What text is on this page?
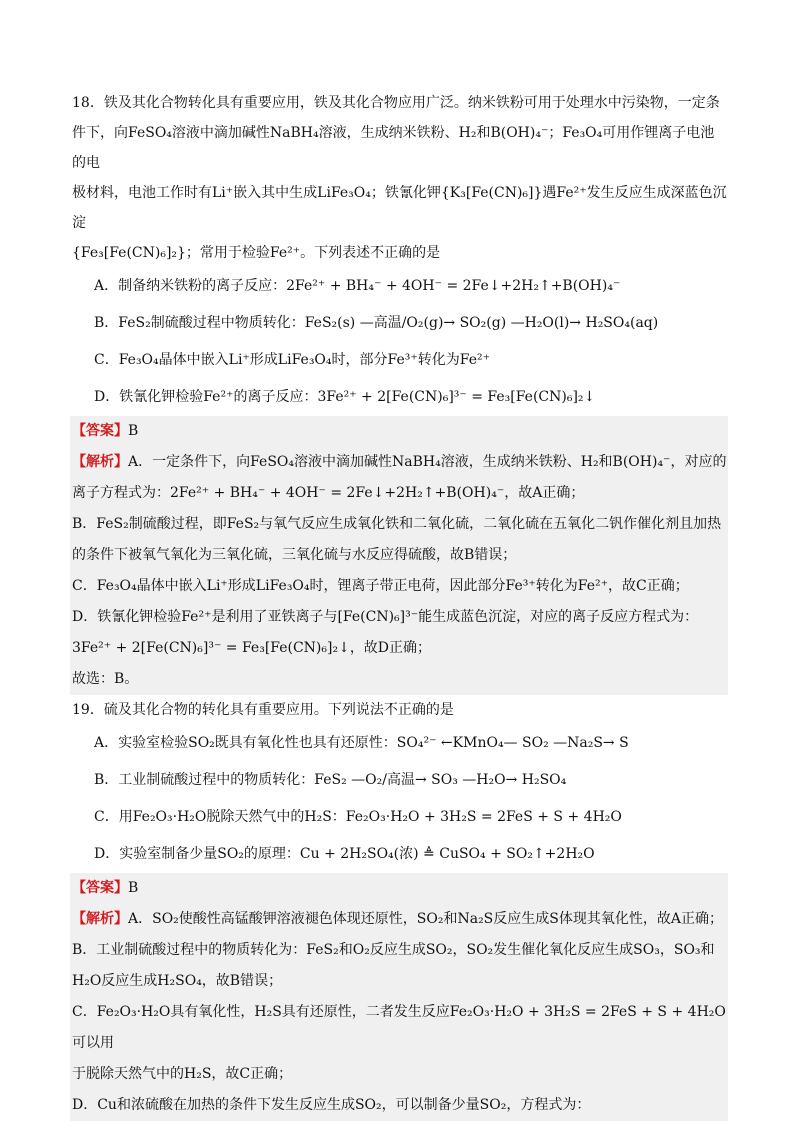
18．铁及其化合物转化具有重要应用，铁及其化合物应用广泛。纳米铁粉可用于处理水中污染物，一定条

件下，向FeSO₄溶液中滴加碱性NaBH₄溶液，生成纳米铁粉、H₂和B(OH)₄⁻；Fe₃O₄可用作锂离子电池的电

极材料，电池工作时有Li⁺嵌入其中生成LiFe₃O₄；铁氰化钾{K₃[Fe(CN)₆]}遇Fe²⁺发生反应生成深蓝色沉淀

{Fe₃[Fe(CN)₆]₂}；常用于检验Fe²⁺。下列表述不正确的是

A．制备纳米铁粉的离子反应：2Fe²⁺ + BH₄⁻ + 4OH⁻ = 2Fe↓+2H₂↑+B(OH)₄⁻

B．FeS₂制硫酸过程中物质转化：FeS₂(s) —高温/O₂(g)→ SO₂(g) —H₂O(l)→ H₂SO₄(aq)

C．Fe₃O₄晶体中嵌入Li⁺形成LiFe₃O₄时，部分Fe³⁺转化为Fe²⁺

D．铁氰化钾检验Fe²⁺的离子反应：3Fe²⁺ + 2[Fe(CN)₆]³⁻ = Fe₃[Fe(CN)₆]₂↓

【答案】B

【解析】A．一定条件下，向FeSO₄溶液中滴加碱性NaBH₄溶液，生成纳米铁粉、H₂和B(OH)₄⁻，对应的

离子方程式为：2Fe²⁺ + BH₄⁻ + 4OH⁻ = 2Fe↓+2H₂↑+B(OH)₄⁻，故A正确；

B．FeS₂制硫酸过程，即FeS₂与氧气反应生成氧化铁和二氧化硫，二氧化硫在五氧化二钒作催化剂且加热

的条件下被氧气氧化为三氧化硫，三氧化硫与水反应得硫酸，故B错误；

C．Fe₃O₄晶体中嵌入Li⁺形成LiFe₃O₄时，锂离子带正电荷，因此部分Fe³⁺转化为Fe²⁺，故C正确；

D．铁氰化钾检验Fe²⁺是利用了亚铁离子与[Fe(CN)₆]³⁻能生成蓝色沉淀，对应的离子反应方程式为：

3Fe²⁺ + 2[Fe(CN)₆]³⁻ = Fe₃[Fe(CN)₆]₂↓，故D正确；

故选：B。

19．硫及其化合物的转化具有重要应用。下列说法不正确的是

A．实验室检验SO₂既具有氧化性也具有还原性：SO₄²⁻ ←KMnO₄— SO₂ —Na₂S→ S

B．工业制硫酸过程中的物质转化：FeS₂ —O₂/高温→ SO₃ —H₂O→ H₂SO₄

C．用Fe₂O₃·H₂O脱除天然气中的H₂S：Fe₂O₃·H₂O + 3H₂S = 2FeS + S + 4H₂O

D．实验室制备少量SO₂的原理：Cu + 2H₂SO₄(浓) ≜ CuSO₄ + SO₂↑+2H₂O

【答案】B

【解析】A．SO₂使酸性高锰酸钾溶液褪色体现还原性，SO₂和Na₂S反应生成S体现其氧化性，故A正确；

B．工业制硫酸过程中的物质转化为：FeS₂和O₂反应生成SO₂，SO₂发生催化氧化反应生成SO₃，SO₃和

H₂O反应生成H₂SO₄，故B错误；

C．Fe₂O₃·H₂O具有氧化性，H₂S具有还原性，二者发生反应Fe₂O₃·H₂O + 3H₂S = 2FeS + S + 4H₂O可以用

于脱除天然气中的H₂S，故C正确；

D．Cu和浓硫酸在加热的条件下发生反应生成SO₂，可以制备少量SO₂，方程式为：
